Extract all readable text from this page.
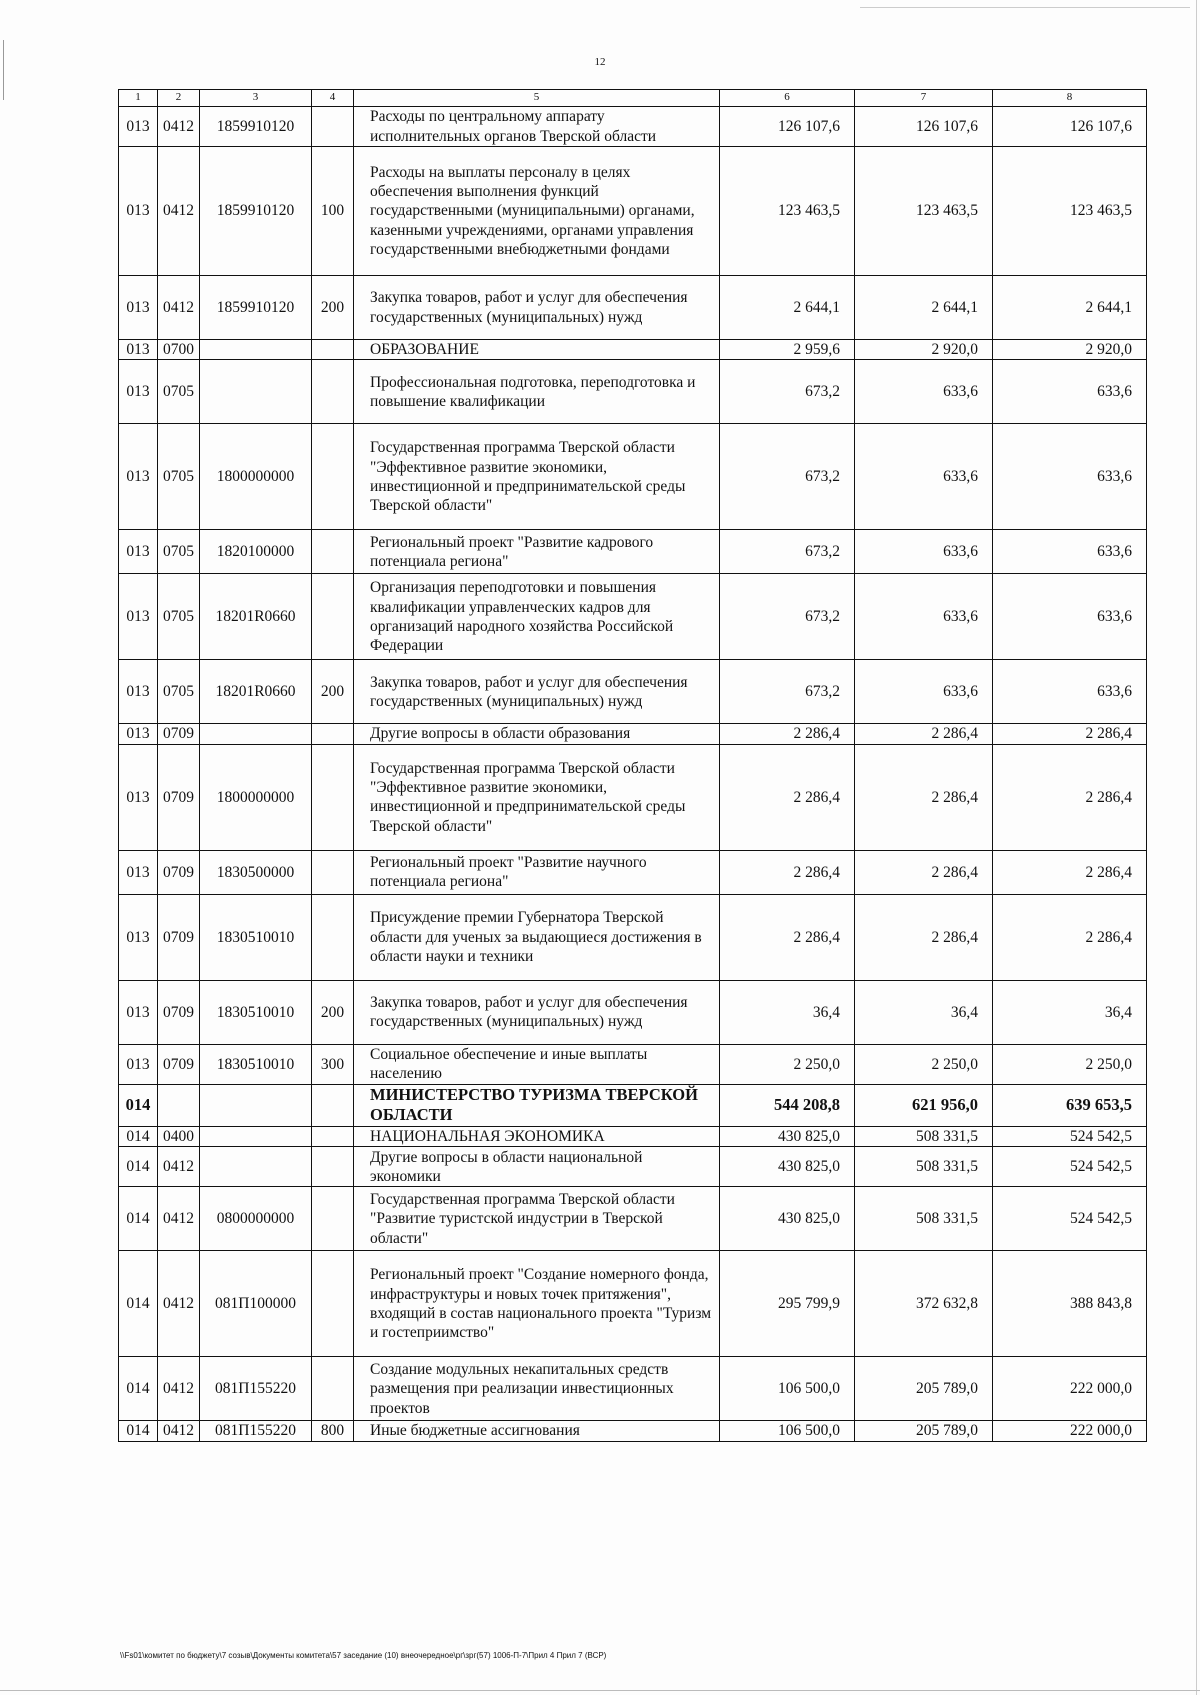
12
1	2	3	4	5	6	7	8
013	0412	1859910120		Расходы по центральному аппарату исполнительных органов Тверской области	126 107,6	126 107,6	126 107,6
013	0412	1859910120	100	Расходы на выплаты персоналу в целях обеспечения выполнения функций государственными (муниципальными) органами, казенными учреждениями, органами управления государственными внебюджетными фондами	123 463,5	123 463,5	123 463,5
013	0412	1859910120	200	Закупка товаров, работ и услуг для обеспечения государственных (муниципальных) нужд	2 644,1	2 644,1	2 644,1
013	0700			ОБРАЗОВАНИЕ	2 959,6	2 920,0	2 920,0
013	0705			Профессиональная подготовка, переподготовка и повышение квалификации	673,2	633,6	633,6
013	0705	1800000000		Государственная программа Тверской области "Эффективное развитие экономики, инвестиционной и предпринимательской среды Тверской области"	673,2	633,6	633,6
013	0705	1820100000		Региональный проект "Развитие кадрового потенциала региона"	673,2	633,6	633,6
013	0705	18201R0660		Организация переподготовки и повышения квалификации управленческих кадров для организаций народного хозяйства Российской Федерации	673,2	633,6	633,6
013	0705	18201R0660	200	Закупка товаров, работ и услуг для обеспечения государственных (муниципальных) нужд	673,2	633,6	633,6
013	0709			Другие вопросы в области образования	2 286,4	2 286,4	2 286,4
013	0709	1800000000		Государственная программа Тверской области "Эффективное развитие экономики, инвестиционной и предпринимательской среды Тверской области"	2 286,4	2 286,4	2 286,4
013	0709	1830500000		Региональный проект "Развитие научного потенциала региона"	2 286,4	2 286,4	2 286,4
013	0709	1830510010		Присуждение премии Губернатора Тверской области для ученых за выдающиеся достижения в области науки и техники	2 286,4	2 286,4	2 286,4
013	0709	1830510010	200	Закупка товаров, работ и услуг для обеспечения государственных (муниципальных) нужд	36,4	36,4	36,4
013	0709	1830510010	300	Социальное обеспечение и иные выплаты населению	2 250,0	2 250,0	2 250,0
014				МИНИСТЕРСТВО ТУРИЗМА ТВЕРСКОЙ ОБЛАСТИ	544 208,8	621 956,0	639 653,5
014	0400			НАЦИОНАЛЬНАЯ ЭКОНОМИКА	430 825,0	508 331,5	524 542,5
014	0412			Другие вопросы в области национальной экономики	430 825,0	508 331,5	524 542,5
014	0412	0800000000		Государственная программа Тверской области "Развитие туристской индустрии в Тверской области"	430 825,0	508 331,5	524 542,5
014	0412	081П100000		Региональный проект "Создание номерного фонда, инфраструктуры и новых точек притяжения", входящий в состав национального проекта "Туризм и гостеприимство"	295 799,9	372 632,8	388 843,8
014	0412	081П155220		Создание модульных некапитальных средств размещения при реализации инвестиционных проектов	106 500,0	205 789,0	222 000,0
014	0412	081П155220	800	Иные бюджетные ассигнования	106 500,0	205 789,0	222 000,0
\\Fs01\комитет по бюджету\7 созыв\Документы комитета\57 заседание (10) внеочередное\рг\зрг(57) 1006-П-7\Прил 4 Прил 7 (ВСР)
